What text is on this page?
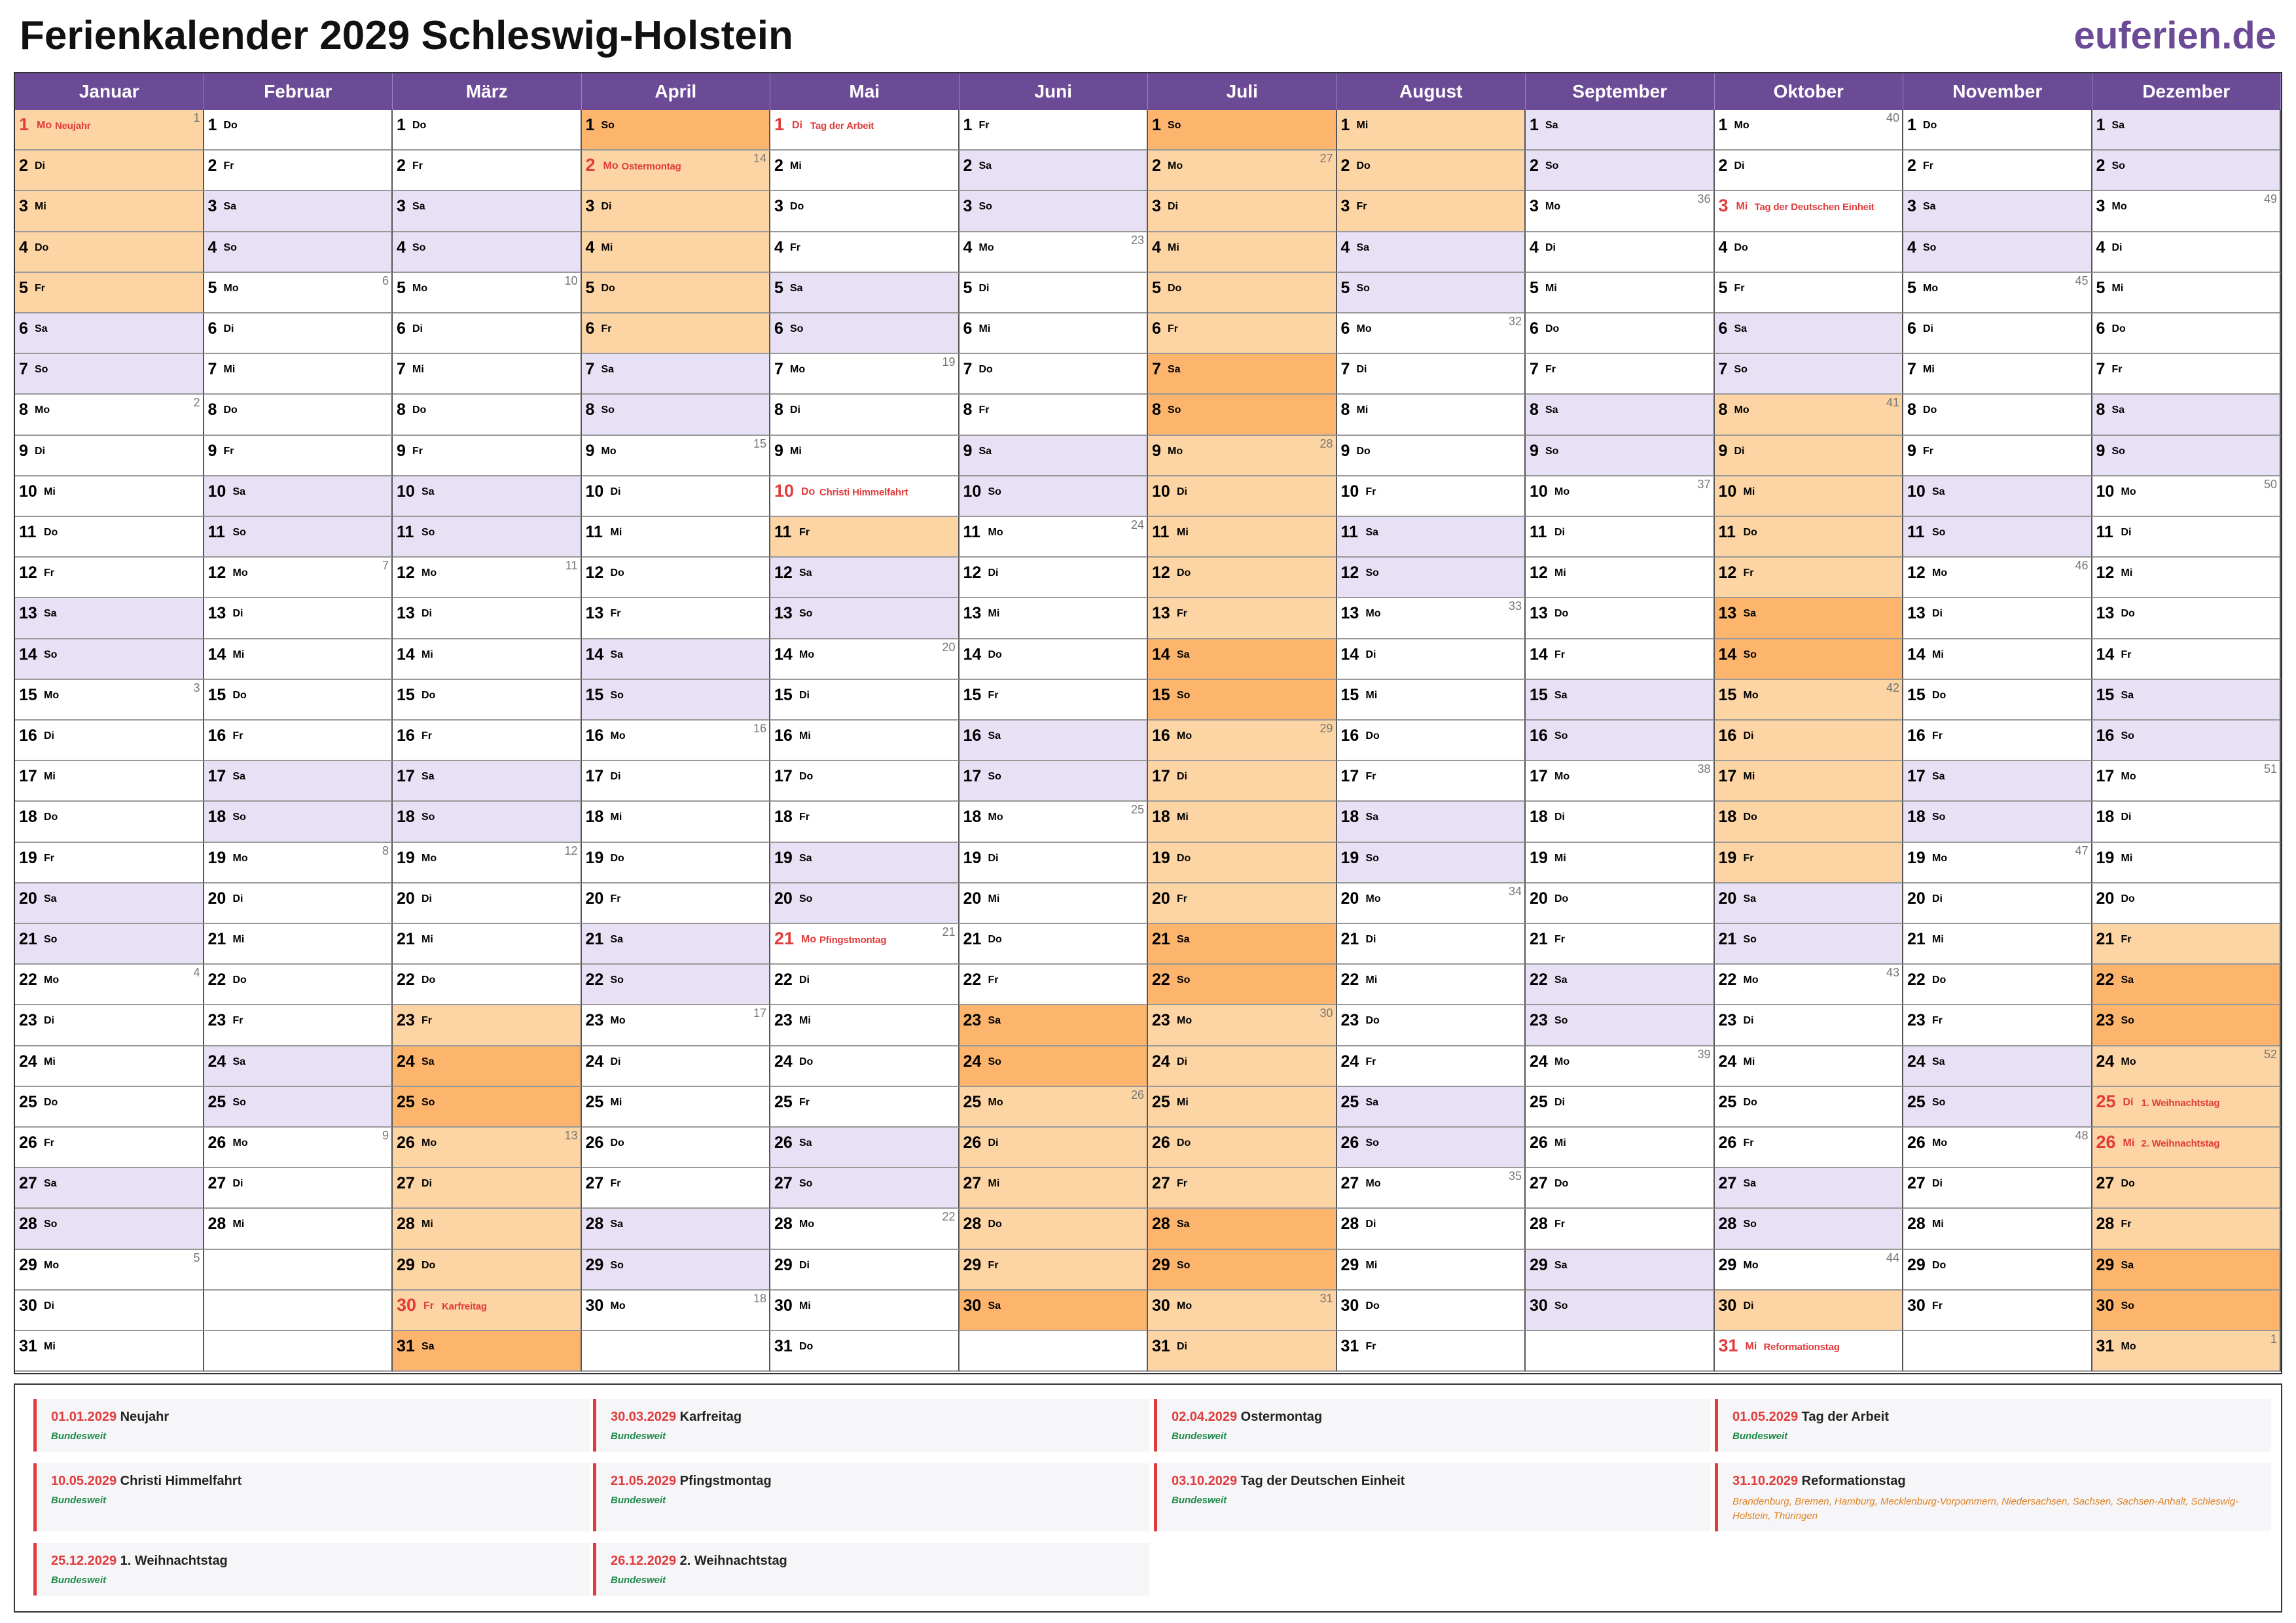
Ferienkalender 2029 Schleswig-Holstein	euferien.de
Januar
1 Mo Neujahr
1
2 Di
3 Mi
4 Do
5 Fr
6 Sa
7 So
8 Mo
2
9 Di
10 Mi
11 Do
12 Fr
13 Sa
14 So
15 Mo
3
16 Di
17 Mi
18 Do
19 Fr
20 Sa
21 So
22 Mo
4
23 Di
24 Mi
25 Do
26 Fr
27 Sa
28 So
29 Mo
5
30 Di
31 Mi
Februar
1 Do
2 Fr
3 Sa
4 So
5 Mo
6
6 Di
7 Mi
8 Do
9 Fr
10 Sa
11 So
12 Mo
7
13 Di
14 Mi
15 Do
16 Fr
17 Sa
18 So
19 Mo
8
20 Di
21 Mi
22 Do
23 Fr
24 Sa
25 So
26 Mo
9
27 Di
28 Mi
März
1 Do
2 Fr
3 Sa
4 So
5 Mo
10
6 Di
7 Mi
8 Do
9 Fr
10 Sa
11 So
12 Mo
11
13 Di
14 Mi
15 Do
16 Fr
17 Sa
18 So
19 Mo
12
20 Di
21 Mi
22 Do
23 Fr
24 Sa
25 So
26 Mo
13
27 Di
28 Mi
29 Do
30 Fr Karfreitag
31 Sa
April
1 So
2 Mo Ostermontag
14
3 Di
4 Mi
5 Do
6 Fr
7 Sa
8 So
9 Mo
15
10 Di
11 Mi
12 Do
13 Fr
14 Sa
15 So
16 Mo
16
17 Di
18 Mi
19 Do
20 Fr
21 Sa
22 So
23 Mo
17
24 Di
25 Mi
26 Do
27 Fr
28 Sa
29 So
30 Mo
18
Mai
1 Di Tag der Arbeit
2 Mi
3 Do
4 Fr
5 Sa
6 So
7 Mo
19
8 Di
9 Mi
10 Do Christi Himmelfahrt
11 Fr
12 Sa
13 So
14 Mo
20
15 Di
16 Mi
17 Do
18 Fr
19 Sa
20 So
21 Mo Pfingstmontag
21
22 Di
23 Mi
24 Do
25 Fr
26 Sa
27 So
28 Mo
22
29 Di
30 Mi
31 Do
Juni
1 Fr
2 Sa
3 So
4 Mo
23
5 Di
6 Mi
7 Do
8 Fr
9 Sa
10 So
11 Mo
24
12 Di
13 Mi
14 Do
15 Fr
16 Sa
17 So
18 Mo
25
19 Di
20 Mi
21 Do
22 Fr
23 Sa
24 So
25 Mo
26
26 Di
27 Mi
28 Do
29 Fr
30 Sa
Juli
1 So
2 Mo
27
3 Di
4 Mi
5 Do
6 Fr
7 Sa
8 So
9 Mo
28
10 Di
11 Mi
12 Do
13 Fr
14 Sa
15 So
16 Mo
29
17 Di
18 Mi
19 Do
20 Fr
21 Sa
22 So
23 Mo
30
24 Di
25 Mi
26 Do
27 Fr
28 Sa
29 So
30 Mo
31
31 Di
August
1 Mi
2 Do
3 Fr
4 Sa
5 So
6 Mo
32
7 Di
8 Mi
9 Do
10 Fr
11 Sa
12 So
13 Mo
33
14 Di
15 Mi
16 Do
17 Fr
18 Sa
19 So
20 Mo
34
21 Di
22 Mi
23 Do
24 Fr
25 Sa
26 So
27 Mo
35
28 Di
29 Mi
30 Do
31 Fr
September
1 Sa
2 So
3 Mo
36
4 Di
5 Mi
6 Do
7 Fr
8 Sa
9 So
10 Mo
37
11 Di
12 Mi
13 Do
14 Fr
15 Sa
16 So
17 Mo
38
18 Di
19 Mi
20 Do
21 Fr
22 Sa
23 So
24 Mo
39
25 Di
26 Mi
27 Do
28 Fr
29 Sa
30 So
Oktober
1 Mo
40
2 Di
3 Mi Tag der Deutschen Einheit
4 Do
5 Fr
6 Sa
7 So
8 Mo
41
9 Di
10 Mi
11 Do
12 Fr
13 Sa
14 So
15 Mo
42
16 Di
17 Mi
18 Do
19 Fr
20 Sa
21 So
22 Mo
43
23 Di
24 Mi
25 Do
26 Fr
27 Sa
28 So
29 Mo
44
30 Di
31 Mi Reformationstag
November
1 Do
2 Fr
3 Sa
4 So
5 Mo
45
6 Di
7 Mi
8 Do
9 Fr
10 Sa
11 So
12 Mo
46
13 Di
14 Mi
15 Do
16 Fr
17 Sa
18 So
19 Mo
47
20 Di
21 Mi
22 Do
23 Fr
24 Sa
25 So
26 Mo
48
27 Di
28 Mi
29 Do
30 Fr
Dezember
1 Sa
2 So
3 Mo
49
4 Di
5 Mi
6 Do
7 Fr
8 Sa
9 So
10 Mo
50
11 Di
12 Mi
13 Do
14 Fr
15 Sa
16 So
17 Mo
51
18 Di
19 Mi
20 Do
21 Fr
22 Sa
23 So
24 Mo
52
25 Di 1. Weihnachtstag
26 Mi 2. Weihnachtstag
27 Do
28 Fr
29 Sa
30 So
31 Mo
1
01.01.2029 Neujahr
Bundesweit
30.03.2029 Karfreitag
Bundesweit
02.04.2029 Ostermontag
Bundesweit
01.05.2029 Tag der Arbeit
Bundesweit
10.05.2029 Christi Himmelfahrt
Bundesweit
21.05.2029 Pfingstmontag
Bundesweit
03.10.2029 Tag der Deutschen Einheit
Bundesweit
31.10.2029 Reformationstag
Brandenburg, Bremen, Hamburg, Mecklenburg-Vorpommern, Niedersachsen, Sachsen, Sachsen-Anhalt, Schleswig-Holstein, Thüringen
25.12.2029 1. Weihnachtstag
Bundesweit
26.12.2029 2. Weihnachtstag
Bundesweit
